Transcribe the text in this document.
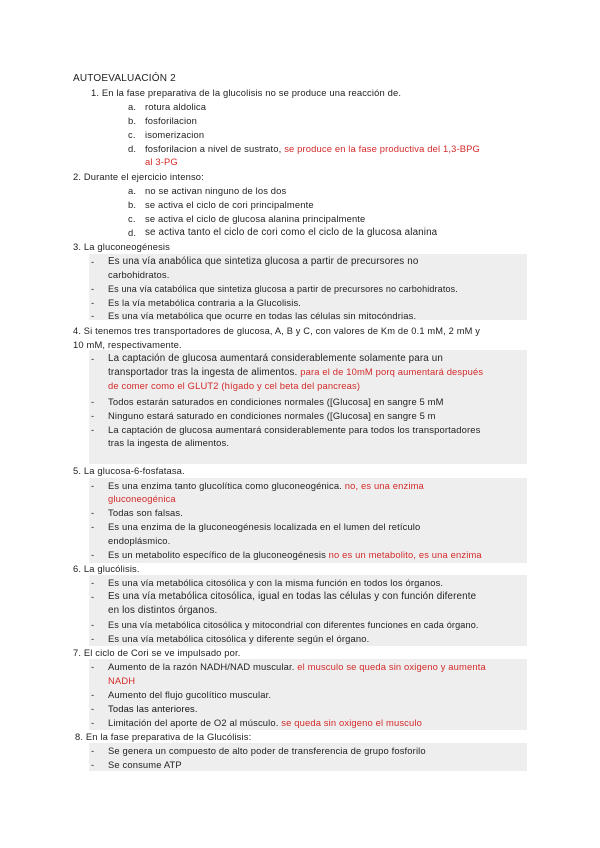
AUTOEVALUACIÓN 2
1. En la fase preparativa de la glucolisis no se produce una reacción de.
a. rotura aldolica
b. fosforilacion
c. isomerizacion
d. fosforilacion a nivel de sustrato, se produce en la fase productiva del 1,3-BPG
al 3-PG
2. Durante el ejercicio intenso:
a. no se activan ninguno de los dos
b. se activa el ciclo de cori principalmente
c. se activa el ciclo de glucosa alanina principalmente
d. se activa tanto el ciclo de cori como el ciclo de la glucosa alanina
3. La gluconeogénesis
- Es una vía anabólica que sintetiza glucosa a partir de precursores no
carbohidratos.
- Es una vía catabólica que sintetiza glucosa a partir de precursores no carbohidratos.
- Es la vía metabólica contraria a la Glucolisis.
- Es una vía metabólica que ocurre en todas las células sin mitocóndrias.
4. Si tenemos tres transportadores de glucosa, A, B y C, con valores de Km de 0.1 mM, 2 mM y
10 mM, respectivamente.
- La captación de glucosa aumentará considerablemente solamente para un
transportador tras la ingesta de alimentos. para el de 10mM porq aumentará después
de comer como el GLUT2 (hígado y cel beta del pancreas)
- Todos estarán saturados en condiciones normales ([Glucosa] en sangre 5 mM
- Ninguno estará saturado en condiciones normales ([Glucosa] en sangre 5 m
- La captación de glucosa aumentará considerablemente para todos los transportadores
tras la ingesta de alimentos.
5. La glucosa-6-fosfatasa.
- Es una enzima tanto glucolítica como gluconeogénica. no, es una enzima
gluconeogénica
- Todas son falsas.
- Es una enzima de la gluconeogénesis localizada en el lumen del retículo
endoplásmico.
- Es un metabolito específico de la gluconeogénesis no es un metabolito, es una enzima
6. La glucólisis.
- Es una vía metabólica citosólica y con la misma función en todos los órganos.
- Es una vía metabólica citosólica, igual en todas las células y con función diferente
en los distintos órganos.
- Es una vía metabólica citosólica y mitocondrial con diferentes funciones en cada órgano.
- Es una vía metabólica citosólica y diferente según el órgano.
7. El ciclo de Cori se ve impulsado por.
- Aumento de la razón NADH/NAD muscular. el musculo se queda sin oxigeno y aumenta
NADH
- Aumento del flujo gucolítico muscular.
- Todas las anteriores.
- Limitación del aporte de O2 al músculo. se queda sin oxigeno el musculo
8. En la fase preparativa de la Glucólisis:
- Se genera un compuesto de alto poder de transferencia de grupo fosforilo
- Se consume ATP
